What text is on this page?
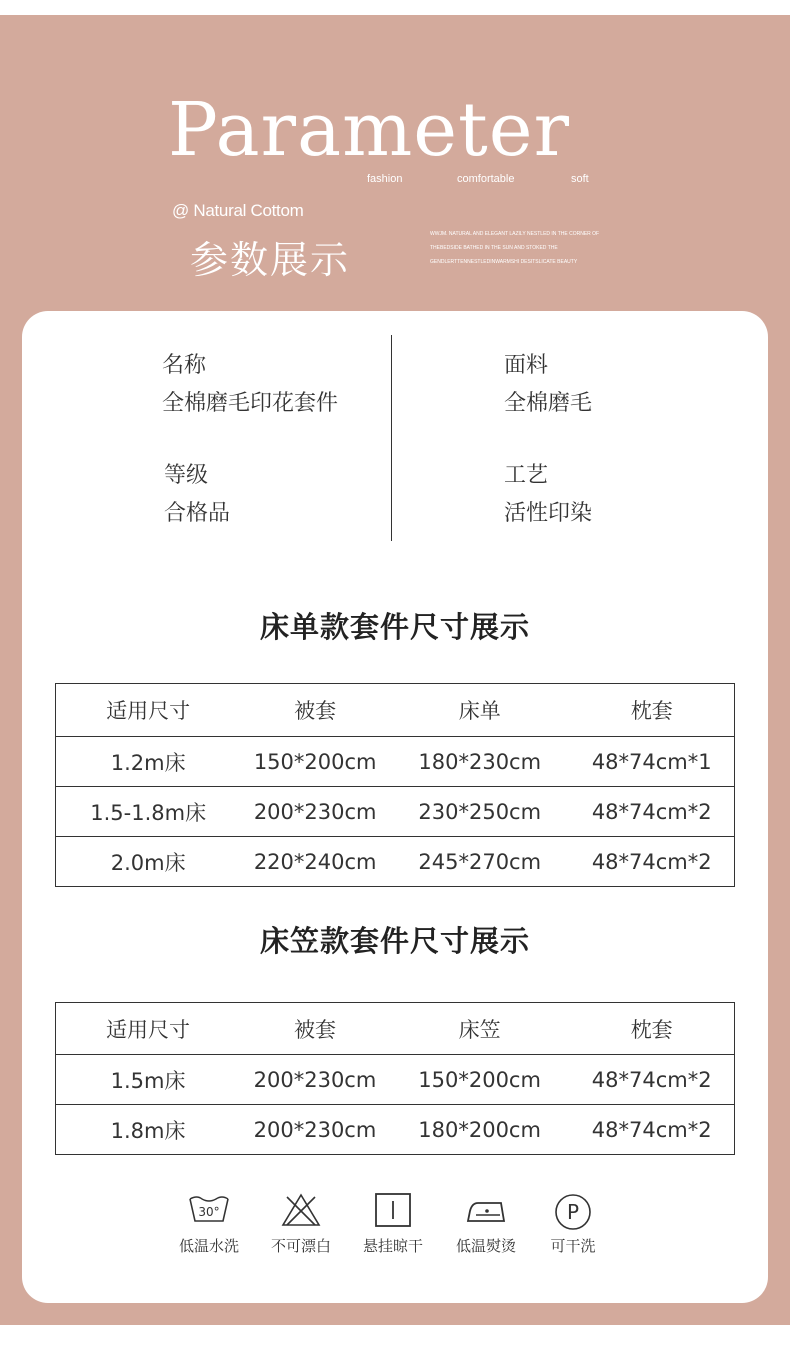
Parameter
fashion	comfortable	soft
@ Natural Cottom
参数展示
WWJM. NATURAL AND ELEGANT LAZILY NESTLED IN THE CORNER OF
THEBEDSIDE BATHED IN THE SUN AND STOKED THE
GENDLERTTENNESTLEDINWARMSHI DESITSLICATE BEAUTY
名称
全棉磨毛印花套件
面料
全棉磨毛
等级
合格品
工艺
活性印染
床单款套件尺寸展示
适用尺寸	被套	床单	枕套
1.2m床	150*200cm	180*230cm	48*74cm*1
1.5-1.8m床	200*230cm	230*250cm	48*74cm*2
2.0m床	220*240cm	245*270cm	48*74cm*2
床笠款套件尺寸展示
适用尺寸	被套	床笠	枕套
1.5m床	200*230cm	150*200cm	48*74cm*2
1.8m床	200*230cm	180*200cm	48*74cm*2
30°
低温水洗	不可漂白	悬挂晾干	低温熨烫
P
可干洗
